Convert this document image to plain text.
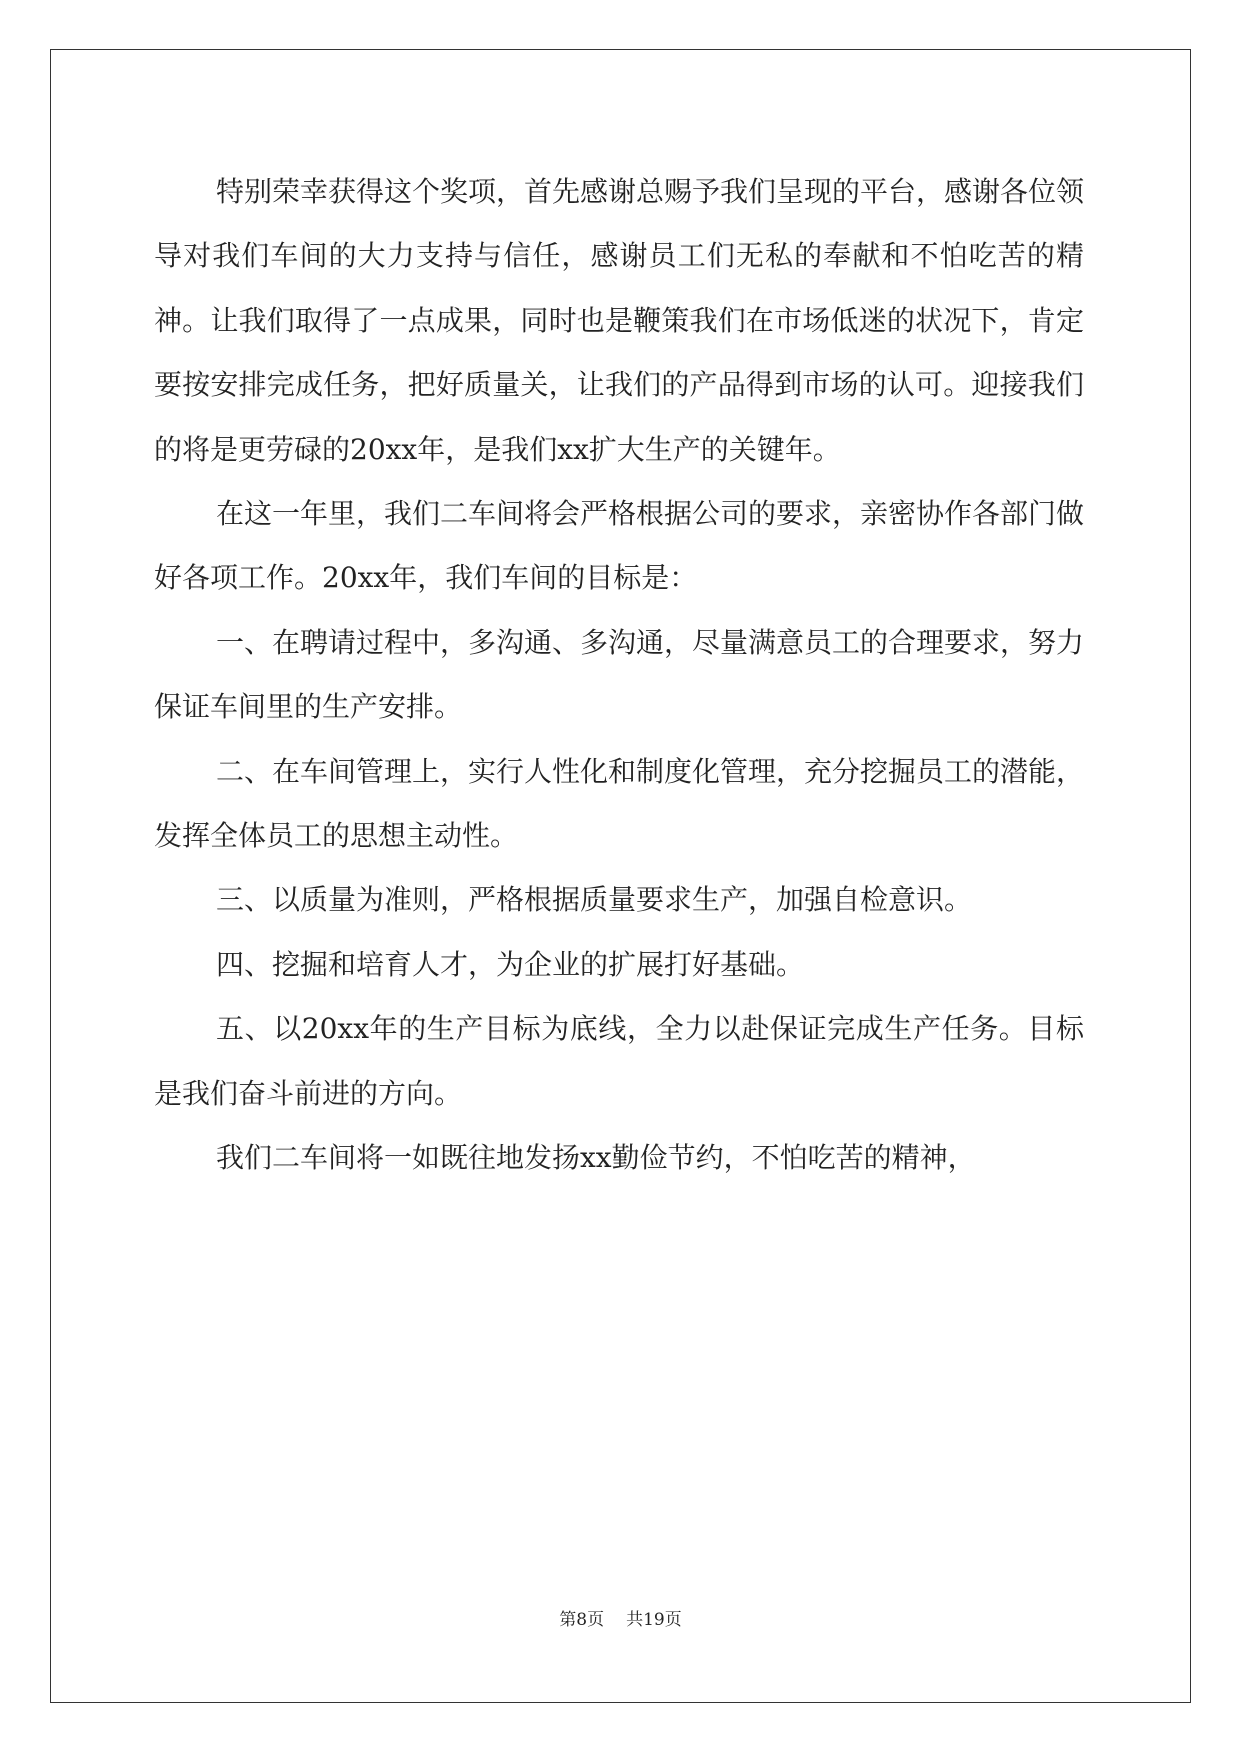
特别荣幸获得这个奖项，首先感谢总赐予我们呈现的平台，感谢各位领导对我们车间的大力支持与信任，感谢员工们无私的奉献和不怕吃苦的精神。让我们取得了一点成果，同时也是鞭策我们在市场低迷的状况下，肯定要按安排完成任务，把好质量关，让我们的产品得到市场的认可。迎接我们的将是更劳碌的20xx年，是我们xx扩大生产的关键年。

在这一年里，我们二车间将会严格根据公司的要求，亲密协作各部门做好各项工作。20xx年，我们车间的目标是：

一、在聘请过程中，多沟通、多沟通，尽量满意员工的合理要求，努力保证车间里的生产安排。

二、在车间管理上，实行人性化和制度化管理，充分挖掘员工的潜能，发挥全体员工的思想主动性。

三、以质量为准则，严格根据质量要求生产，加强自检意识。

四、挖掘和培育人才，为企业的扩展打好基础。

五、以20xx年的生产目标为底线，全力以赴保证完成生产任务。目标是我们奋斗前进的方向。

我们二车间将一如既往地发扬xx勤俭节约，不怕吃苦的精神，

第8页 共19页
